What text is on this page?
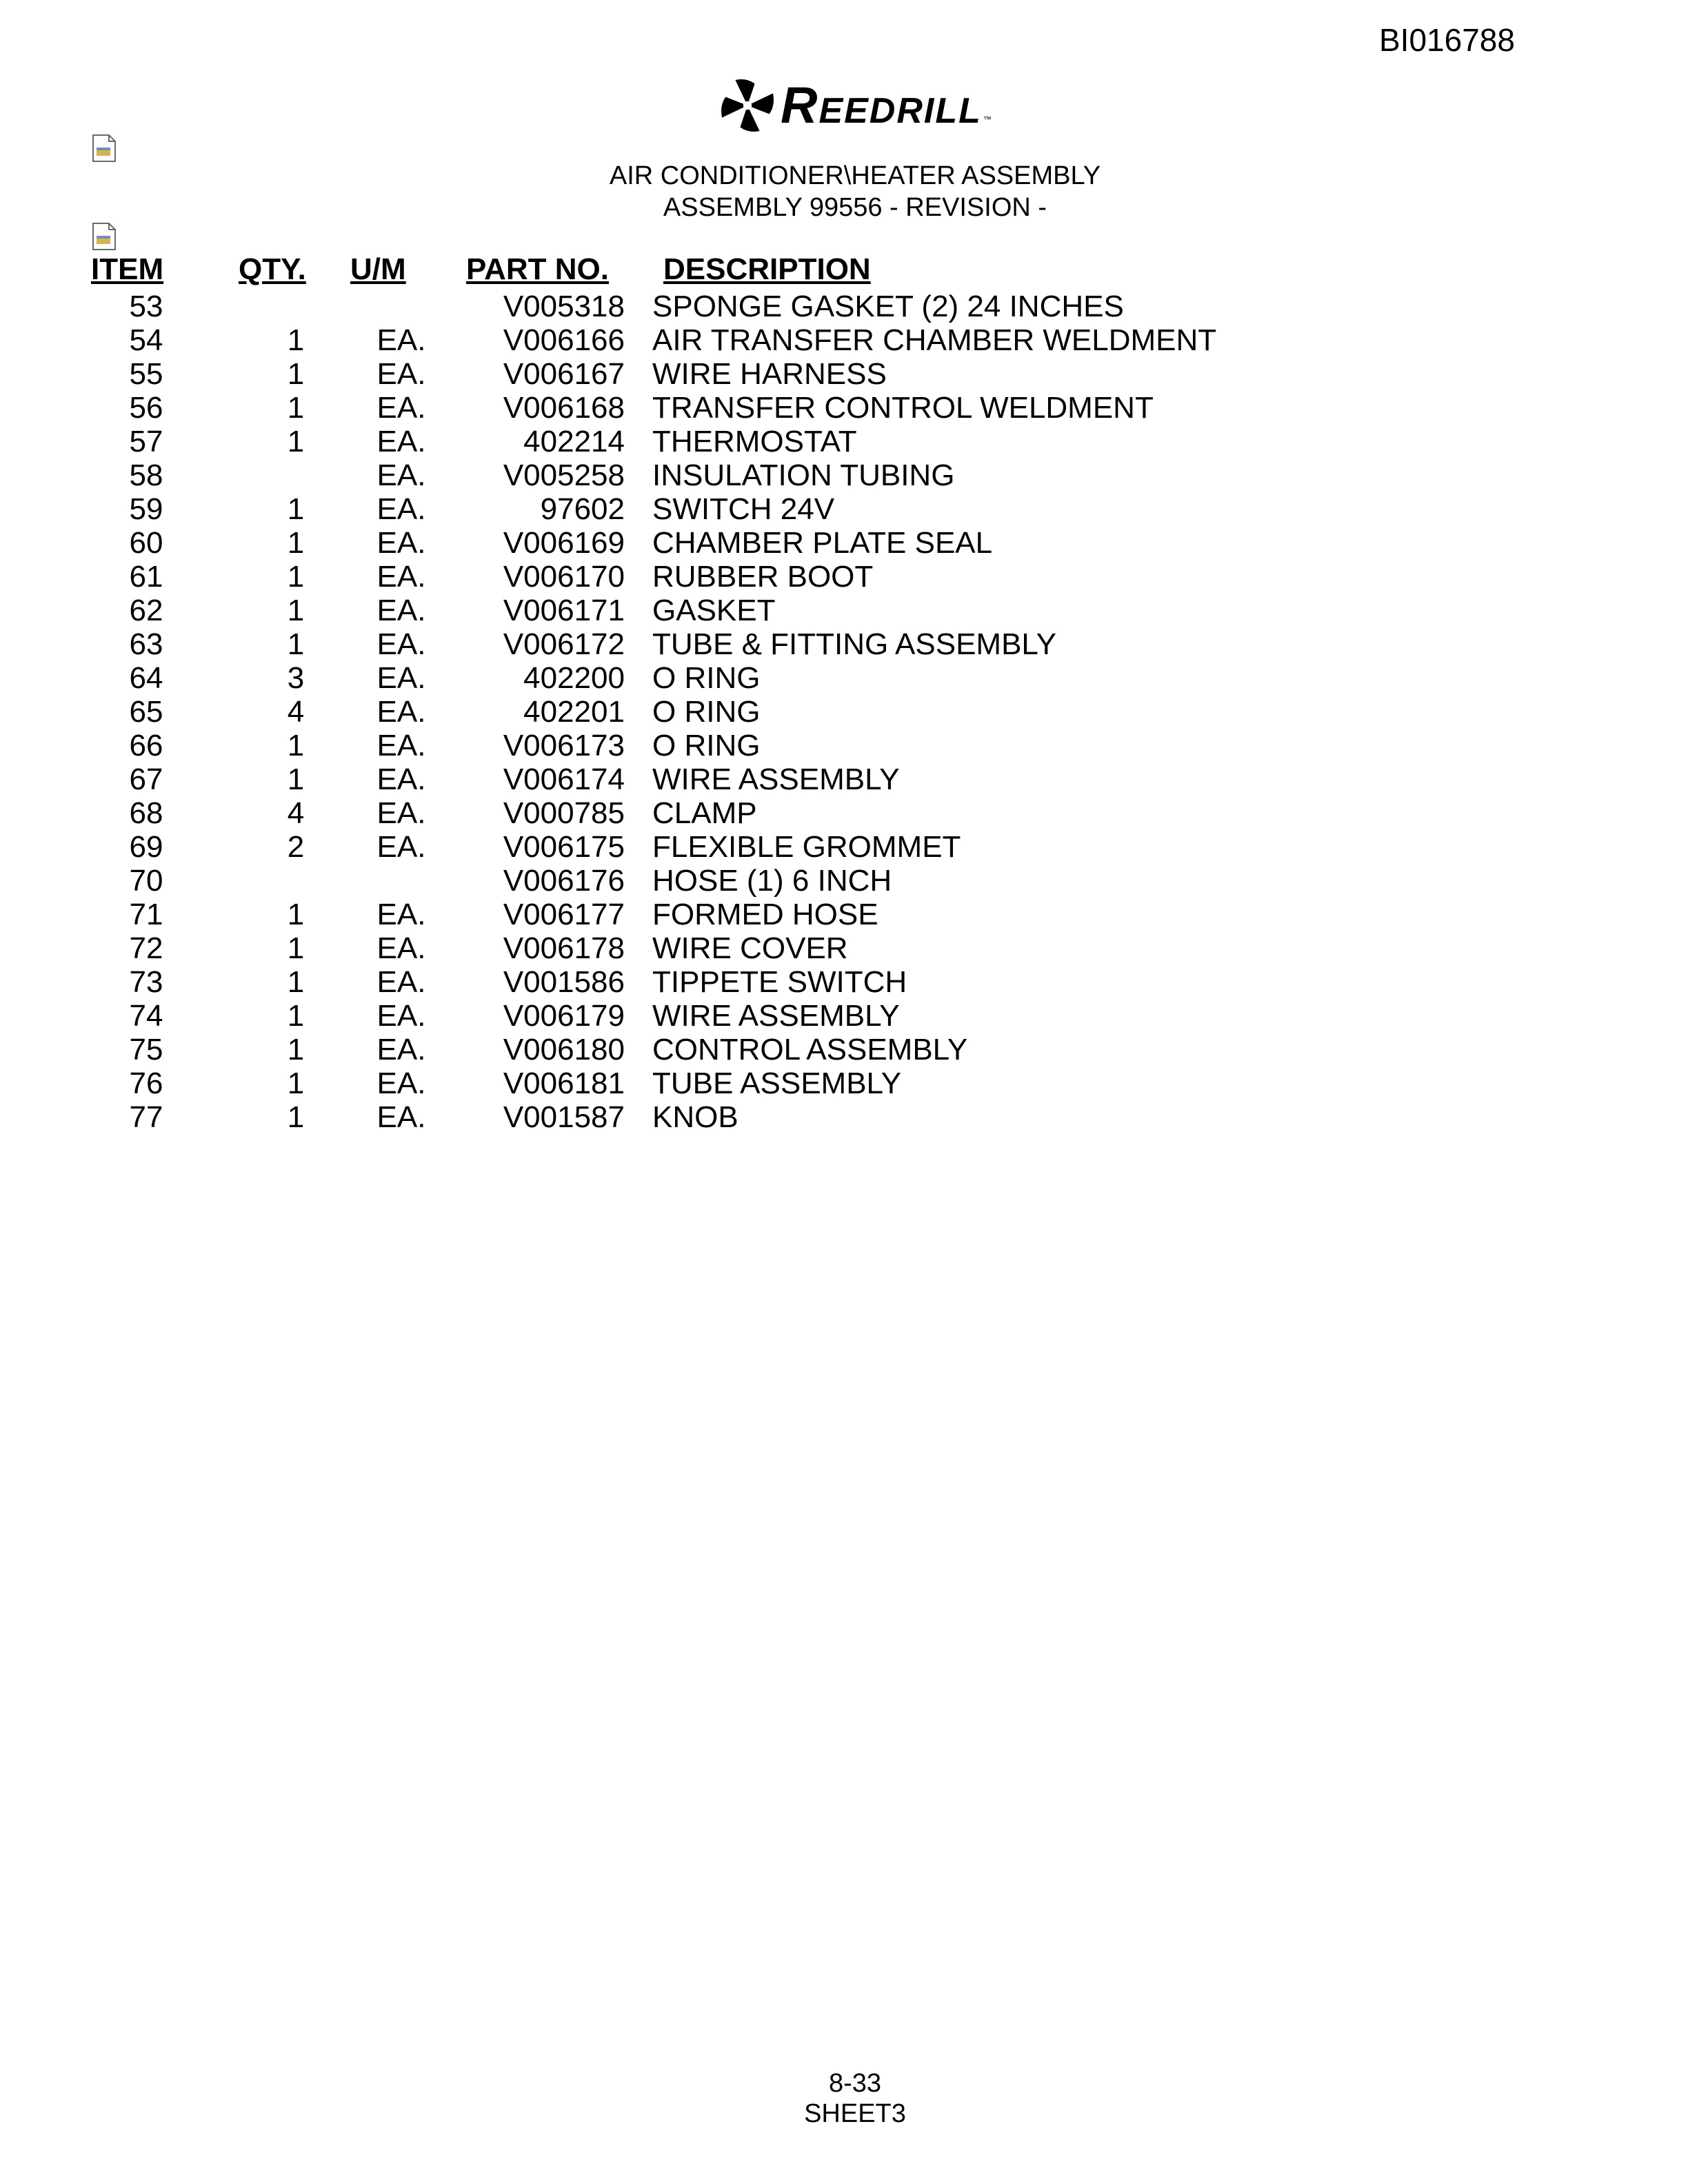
BI016788
Reedrill ™
AIR CONDITIONER\HEATER ASSEMBLY
ASSEMBLY 99556 - REVISION -
ITEM	QTY.	U/M	PART NO.	DESCRIPTION
53			V005318	SPONGE GASKET (2) 24 INCHES
54	1	EA.	V006166	AIR TRANSFER CHAMBER WELDMENT
55	1	EA.	V006167	WIRE HARNESS
56	1	EA.	V006168	TRANSFER CONTROL WELDMENT
57	1	EA.	402214	THERMOSTAT
58		EA.	V005258	INSULATION TUBING
59	1	EA.	97602	SWITCH 24V
60	1	EA.	V006169	CHAMBER PLATE SEAL
61	1	EA.	V006170	RUBBER BOOT
62	1	EA.	V006171	GASKET
63	1	EA.	V006172	TUBE & FITTING ASSEMBLY
64	3	EA.	402200	O RING
65	4	EA.	402201	O RING
66	1	EA.	V006173	O RING
67	1	EA.	V006174	WIRE ASSEMBLY
68	4	EA.	V000785	CLAMP
69	2	EA.	V006175	FLEXIBLE GROMMET
70			V006176	HOSE (1) 6 INCH
71	1	EA.	V006177	FORMED HOSE
72	1	EA.	V006178	WIRE COVER
73	1	EA.	V001586	TIPPETE SWITCH
74	1	EA.	V006179	WIRE ASSEMBLY
75	1	EA.	V006180	CONTROL ASSEMBLY
76	1	EA.	V006181	TUBE ASSEMBLY
77	1	EA.	V001587	KNOB
8-33
SHEET3
